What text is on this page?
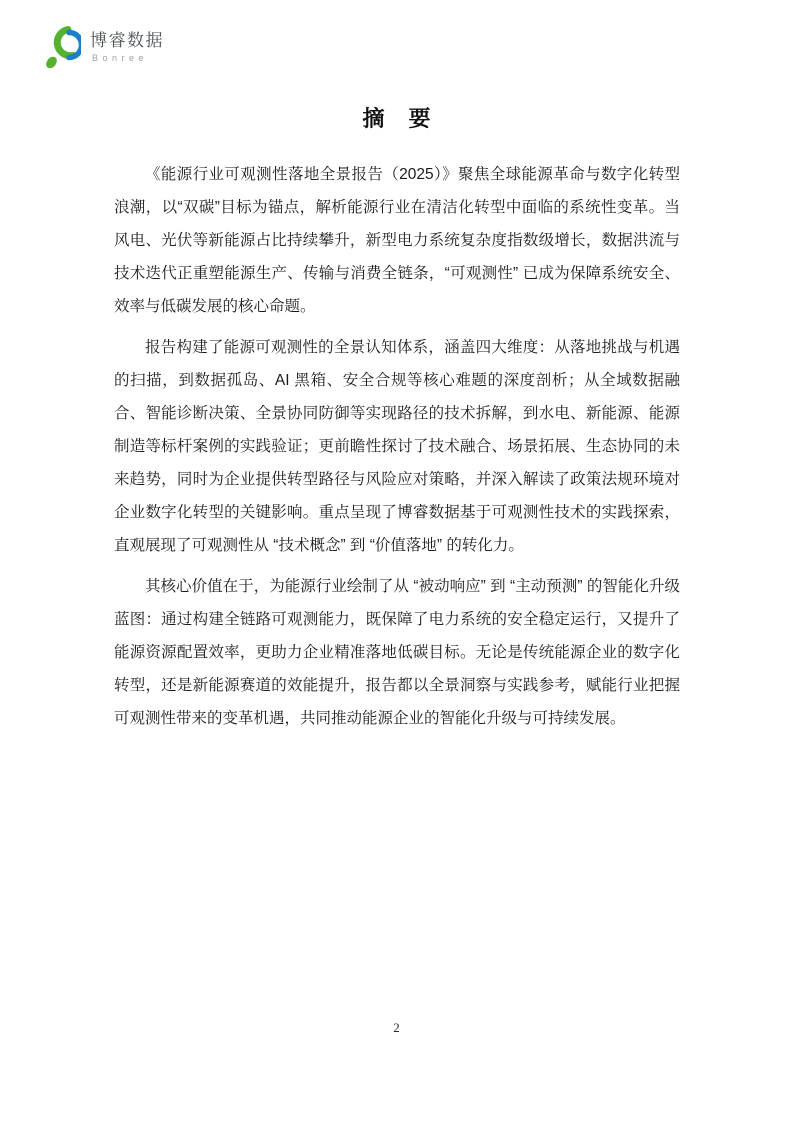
博睿数据
Bonree
摘　要

《能源行业可观测性落地全景报告（2025）》聚焦全球能源革命与数字化转型浪潮，以“双碳”目标为锚点，解析能源行业在清洁化转型中面临的系统性变革。当风电、光伏等新能源占比持续攀升，新型电力系统复杂度指数级增长，数据洪流与技术迭代正重塑能源生产、传输与消费全链条，“可观测性” 已成为保障系统安全、效率与低碳发展的核心命题。

报告构建了能源可观测性的全景认知体系，涵盖四大维度：从落地挑战与机遇的扫描，到数据孤岛、AI 黑箱、安全合规等核心难题的深度剖析；从全域数据融合、智能诊断决策、全景协同防御等实现路径的技术拆解，到水电、新能源、能源制造等标杆案例的实践验证；更前瞻性探讨了技术融合、场景拓展、生态协同的未来趋势，同时为企业提供转型路径与风险应对策略，并深入解读了政策法规环境对企业数字化转型的关键影响。重点呈现了博睿数据基于可观测性技术的实践探索，直观展现了可观测性从 “技术概念” 到 “价值落地” 的转化力。

其核心价值在于，为能源行业绘制了从 “被动响应” 到 “主动预测” 的智能化升级蓝图：通过构建全链路可观测能力，既保障了电力系统的安全稳定运行，又提升了能源资源配置效率，更助力企业精准落地低碳目标。无论是传统能源企业的数字化转型，还是新能源赛道的效能提升，报告都以全景洞察与实践参考，赋能行业把握可观测性带来的变革机遇，共同推动能源企业的智能化升级与可持续发展。

2
